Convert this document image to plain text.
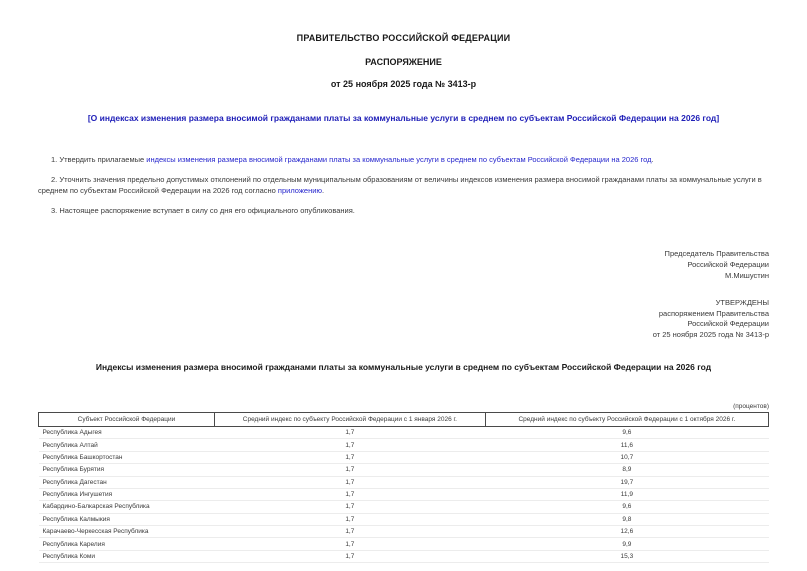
ПРАВИТЕЛЬСТВО РОССИЙСКОЙ ФЕДЕРАЦИИ
РАСПОРЯЖЕНИЕ
от 25 ноября 2025 года № 3413-р
[О индексах изменения размера вносимой гражданами платы за коммунальные услуги в среднем по субъектам Российской Федерации на 2026 год]

1. Утвердить прилагаемые индексы изменения размера вносимой гражданами платы за коммунальные услуги в среднем по субъектам Российской Федерации на 2026 год.

2. Уточнить значения предельно допустимых отклонений по отдельным муниципальным образованиям от величины индексов изменения размера вносимой гражданами платы за коммунальные услуги в среднем по субъектам Российской Федерации на 2026 год согласно приложению.

3. Настоящее распоряжение вступает в силу со дня его официального опубликования.

Председатель Правительства
Российской Федерации
М.Мишустин
УТВЕРЖДЕНЫ
распоряжением Правительства
Российской Федерации
от 25 ноября 2025 года № 3413-р
Индексы изменения размера вносимой гражданами платы за коммунальные услуги в среднем по субъектам Российской Федерации на 2026 год
(процентов)
Субъект Российской Федерации	Средний индекс по субъекту Российской Федерации с 1 января 2026 г.	Средний индекс по субъекту Российской Федерации с 1 октября 2026 г.
Республика Адыгея	1,7	9,6
Республика Алтай	1,7	11,6
Республика Башкортостан	1,7	10,7
Республика Бурятия	1,7	8,9
Республика Дагестан	1,7	19,7
Республика Ингушетия	1,7	11,9
Кабардино-Балкарская Республика	1,7	9,6
Республика Калмыкия	1,7	9,8
Карачаево-Черкесская Республика	1,7	12,6
Республика Карелия	1,7	9,9
Республика Коми	1,7	15,3
